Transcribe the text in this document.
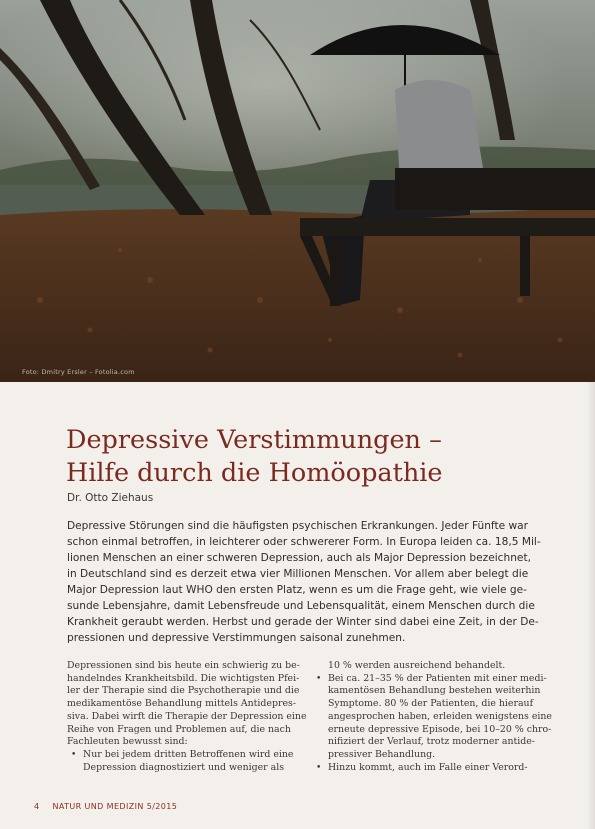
Foto: Dmitry Ersler – Fotolia.com
Depressive Verstimmungen –
Hilfe durch die Homöopathie
Dr. Otto Ziehaus
Depressive Störungen sind die häufigsten psychischen Erkrankungen. Jeder Fünfte war
schon einmal betroffen, in leichterer oder schwererer Form. In Europa leiden ca. 18,5 Mil-
lionen Menschen an einer schweren Depression, auch als Major Depression bezeichnet,
in Deutschland sind es derzeit etwa vier Millionen Menschen. Vor allem aber belegt die
Major Depression laut WHO den ersten Platz, wenn es um die Frage geht, wie viele ge-
sunde Lebensjahre, damit Lebensfreude und Lebensqualität, einem Menschen durch die
Krankheit geraubt werden. Herbst und gerade der Winter sind dabei eine Zeit, in der De-
pressionen und depressive Verstimmungen saisonal zunehmen.
Depressionen sind bis heute ein schwierig zu be-
handelndes Krankheitsbild. Die wichtigsten Pfei-
ler der Therapie sind die Psychotherapie und die
medikamentöse Behandlung mittels Antidepres-
siva. Dabei wirft die Therapie der Depression eine
Reihe von Fragen und Problemen auf, die nach
Fachleuten bewusst sind:
• Nur bei jedem dritten Betroffenen wird eine
Depression diagnostiziert und weniger als
10 % werden ausreichend behandelt.
• Bei ca. 21–35 % der Patienten mit einer medi-
kamentösen Behandlung bestehen weiterhin
Symptome. 80 % der Patienten, die hierauf
angesprochen haben, erleiden wenigstens eine
erneute depressive Episode, bei 10–20 % chro-
nifiziert der Verlauf, trotz moderner antide-
pressiver Behandlung.
• Hinzu kommt, auch im Falle einer Verord-
4 NATUR UND MEDIZIN 5/2015
